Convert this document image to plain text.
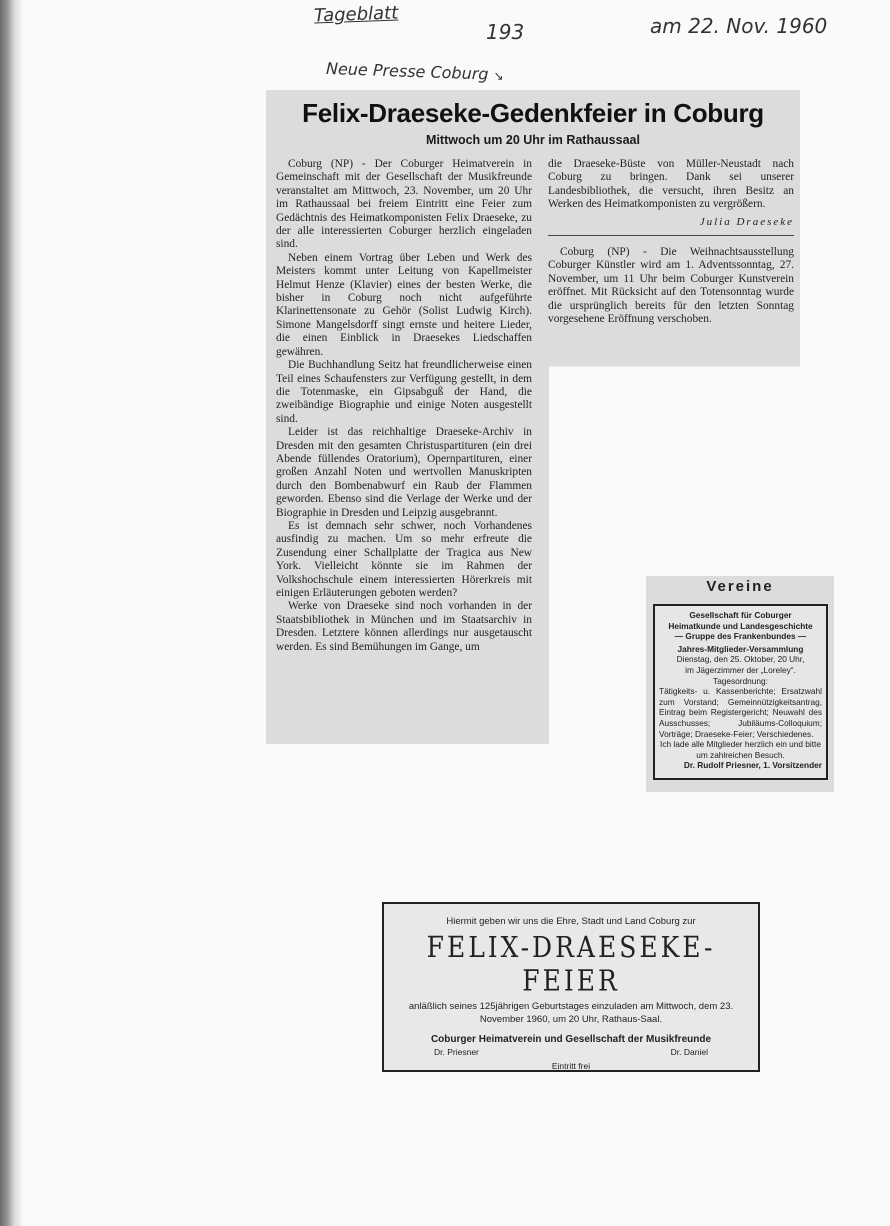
Tageblatt
193	am 22. Nov. 1960
Neue Presse Coburg ↘
Felix-Draeseke-Gedenkfeier in Coburg
Mittwoch um 20 Uhr im Rathaussaal

Coburg (NP) - Der Coburger Heimatverein in Gemeinschaft mit der Gesellschaft der Musikfreunde veranstaltet am Mittwoch, 23. November, um 20 Uhr im Rathaussaal bei freiem Eintritt eine Feier zum Gedächtnis des Heimatkomponisten Felix Draeseke, zu der alle interessierten Coburger herzlich eingeladen sind.

Neben einem Vortrag über Leben und Werk des Meisters kommt unter Leitung von Kapellmeister Helmut Henze (Klavier) eines der besten Werke, die bisher in Coburg noch nicht aufgeführte Klarinettensonate zu Gehör (Solist Ludwig Kirch). Simone Mangelsdorff singt ernste und heitere Lieder, die einen Einblick in Draesekes Liedschaffen gewähren.

Die Buchhandlung Seitz hat freundlicherweise einen Teil eines Schaufensters zur Verfügung gestellt, in dem die Totenmaske, ein Gipsabguß der Hand, die zweibändige Biographie und einige Noten ausgestellt sind.

Leider ist das reichhaltige Draeseke-Archiv in Dresden mit den gesamten Christuspartituren (ein drei Abende füllendes Oratorium), Opernpartituren, einer großen Anzahl Noten und wertvollen Manuskripten durch den Bombenabwurf ein Raub der Flammen geworden. Ebenso sind die Verlage der Werke und der Biographie in Dresden und Leipzig ausgebrannt.

Es ist demnach sehr schwer, noch Vorhandenes ausfindig zu machen. Um so mehr erfreute die Zusendung einer Schallplatte der Tragica aus New York. Vielleicht könnte sie im Rahmen der Volkshochschule einem interessierten Hörerkreis mit einigen Erläuterungen geboten werden?

Werke von Draeseke sind noch vorhanden in der Staatsbibliothek in München und im Staatsarchiv in Dresden. Letztere können allerdings nur ausgetauscht werden. Es sind Bemühungen im Gange, um

die Draeseke-Büste von Müller-Neustadt nach Coburg zu bringen. Dank sei unserer Landesbibliothek, die versucht, ihren Besitz an Werken des Heimatkomponisten zu vergrößern.
Julia Draeseke
Coburg (NP) - Die Weihnachtsausstellung Coburger Künstler wird am 1. Adventssonntag, 27. November, um 11 Uhr beim Coburger Kunstverein eröffnet. Mit Rücksicht auf den Totensonntag wurde die ursprünglich bereits für den letzten Sonntag vorgesehene Eröffnung verschoben.
Vereine
Gesellschaft für Coburger
Heimatkunde und Landesgeschichte
— Gruppe des Frankenbundes —
Jahres-Mitglieder-Versammlung
Dienstag, den 25. Oktober, 20 Uhr,
im Jägerzimmer der „Loreley“.
Tagesordnung:
Tätigkeits- u. Kassenberichte; Ersatzwahl zum Vorstand; Gemeinnützigkeitsantrag, Eintrag beim Registergericht; Neuwahl des Ausschusses; Jubiläums-Colloquium; Vorträge; Draeseke-Feier; Verschiedenes.
Ich lade alle Mitglieder herzlich ein und bitte um zahlreichen Besuch.
Dr. Rudolf Priesner, 1. Vorsitzender
Hiermit geben wir uns die Ehre, Stadt und Land Coburg zur
FELIX-DRAESEKE-FEIER
anläßlich seines 125jährigen Geburtstages einzuladen am Mittwoch, dem 23. November 1960, um 20 Uhr, Rathaus-Saal.
Coburger Heimatverein und Gesellschaft der Musikfreunde
Dr. Priesner	Dr. Daniel
Eintritt frei
